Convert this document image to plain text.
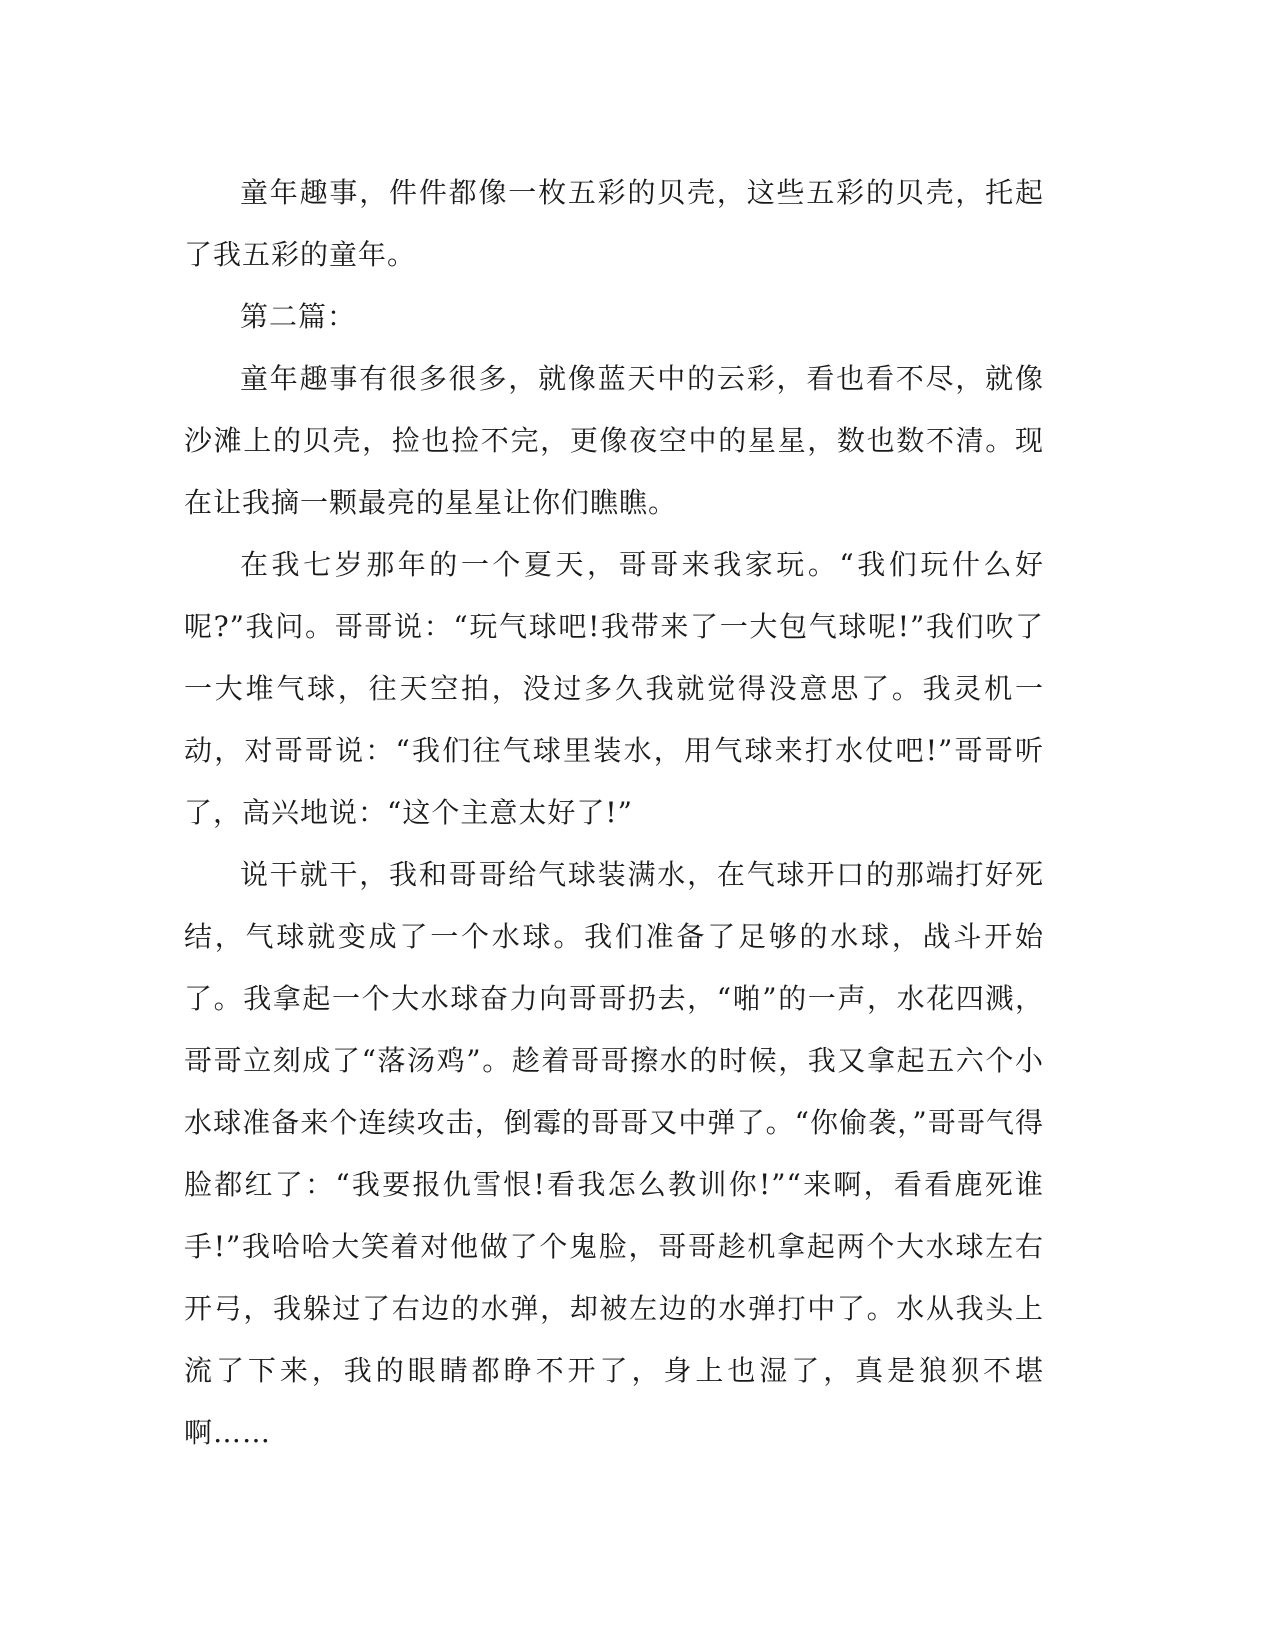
童年趣事，件件都像一枚五彩的贝壳，这些五彩的贝壳，托起了我五彩的童年。

第二篇：

童年趣事有很多很多，就像蓝天中的云彩，看也看不尽，就像沙滩上的贝壳，捡也捡不完，更像夜空中的星星，数也数不清。现在让我摘一颗最亮的星星让你们瞧瞧。

在我七岁那年的一个夏天，哥哥来我家玩。“我们玩什么好呢?”我问。哥哥说：“玩气球吧!我带来了一大包气球呢!”我们吹了一大堆气球，往天空拍，没过多久我就觉得没意思了。我灵机一动，对哥哥说：“我们往气球里装水，用气球来打水仗吧!”哥哥听了，高兴地说：“这个主意太好了!”

说干就干，我和哥哥给气球装满水，在气球开口的那端打好死结，气球就变成了一个水球。我们准备了足够的水球，战斗开始了。我拿起一个大水球奋力向哥哥扔去，“啪”的一声，水花四溅，哥哥立刻成了“落汤鸡”。趁着哥哥擦水的时候，我又拿起五六个小水球准备来个连续攻击，倒霉的哥哥又中弹了。“你偷袭，”哥哥气得脸都红了：“我要报仇雪恨!看我怎么教训你!”“来啊，看看鹿死谁手!”我哈哈大笑着对他做了个鬼脸，哥哥趁机拿起两个大水球左右开弓，我躲过了右边的水弹，却被左边的水弹打中了。水从我头上流了下来，我的眼睛都睁不开了，身上也湿了，真是狼狈不堪啊……
